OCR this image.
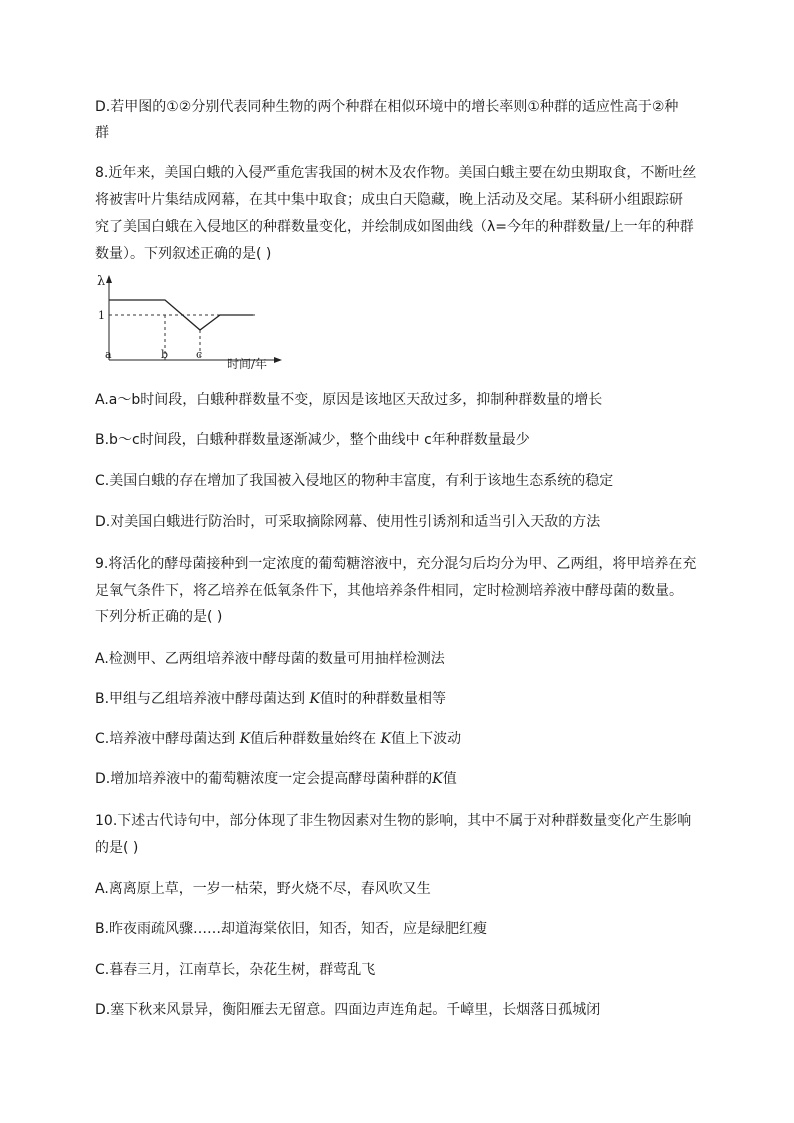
D.若甲图的①②分别代表同种生物的两个种群在相似环境中的增长率则①种群的适应性高于②种
群
8.近年来，美国白蛾的入侵严重危害我国的树木及农作物。美国白蛾主要在幼虫期取食，不断吐丝
将被害叶片集结成网幕，在其中集中取食；成虫白天隐藏，晚上活动及交尾。某科研小组跟踪研
究了美国白蛾在入侵地区的种群数量变化，并绘制成如图曲线（λ=今年的种群数量/上一年的种群
数量）。下列叙述正确的是( )
λ
1
a	b	c
时间/年
A.a～b时间段，白蛾种群数量不变，原因是该地区天敌过多，抑制种群数量的增长
B.b～c时间段，白蛾种群数量逐渐减少，整个曲线中 c年种群数量最少
C.美国白蛾的存在增加了我国被入侵地区的物种丰富度，有利于该地生态系统的稳定
D.对美国白蛾进行防治时，可采取摘除网幕、使用性引诱剂和适当引入天敌的方法
9.将活化的酵母菌接种到一定浓度的葡萄糖溶液中，充分混匀后均分为甲、乙两组，将甲培养在充
足氧气条件下，将乙培养在低氧条件下，其他培养条件相同，定时检测培养液中酵母菌的数量。
下列分析正确的是( )
A.检测甲、乙两组培养液中酵母菌的数量可用抽样检测法
B.甲组与乙组培养液中酵母菌达到 K值时的种群数量相等
C.培养液中酵母菌达到 K值后种群数量始终在 K值上下波动
D.增加培养液中的葡萄糖浓度一定会提高酵母菌种群的K值
10.下述古代诗句中，部分体现了非生物因素对生物的影响，其中不属于对种群数量变化产生影响
的是( )
A.离离原上草，一岁一枯荣，野火烧不尽，春风吹又生
B.昨夜雨疏风骤……却道海棠依旧，知否，知否，应是绿肥红瘦
C.暮春三月，江南草长，杂花生树，群莺乱飞
D.塞下秋来风景异，衡阳雁去无留意。四面边声连角起。千嶂里，长烟落日孤城闭
